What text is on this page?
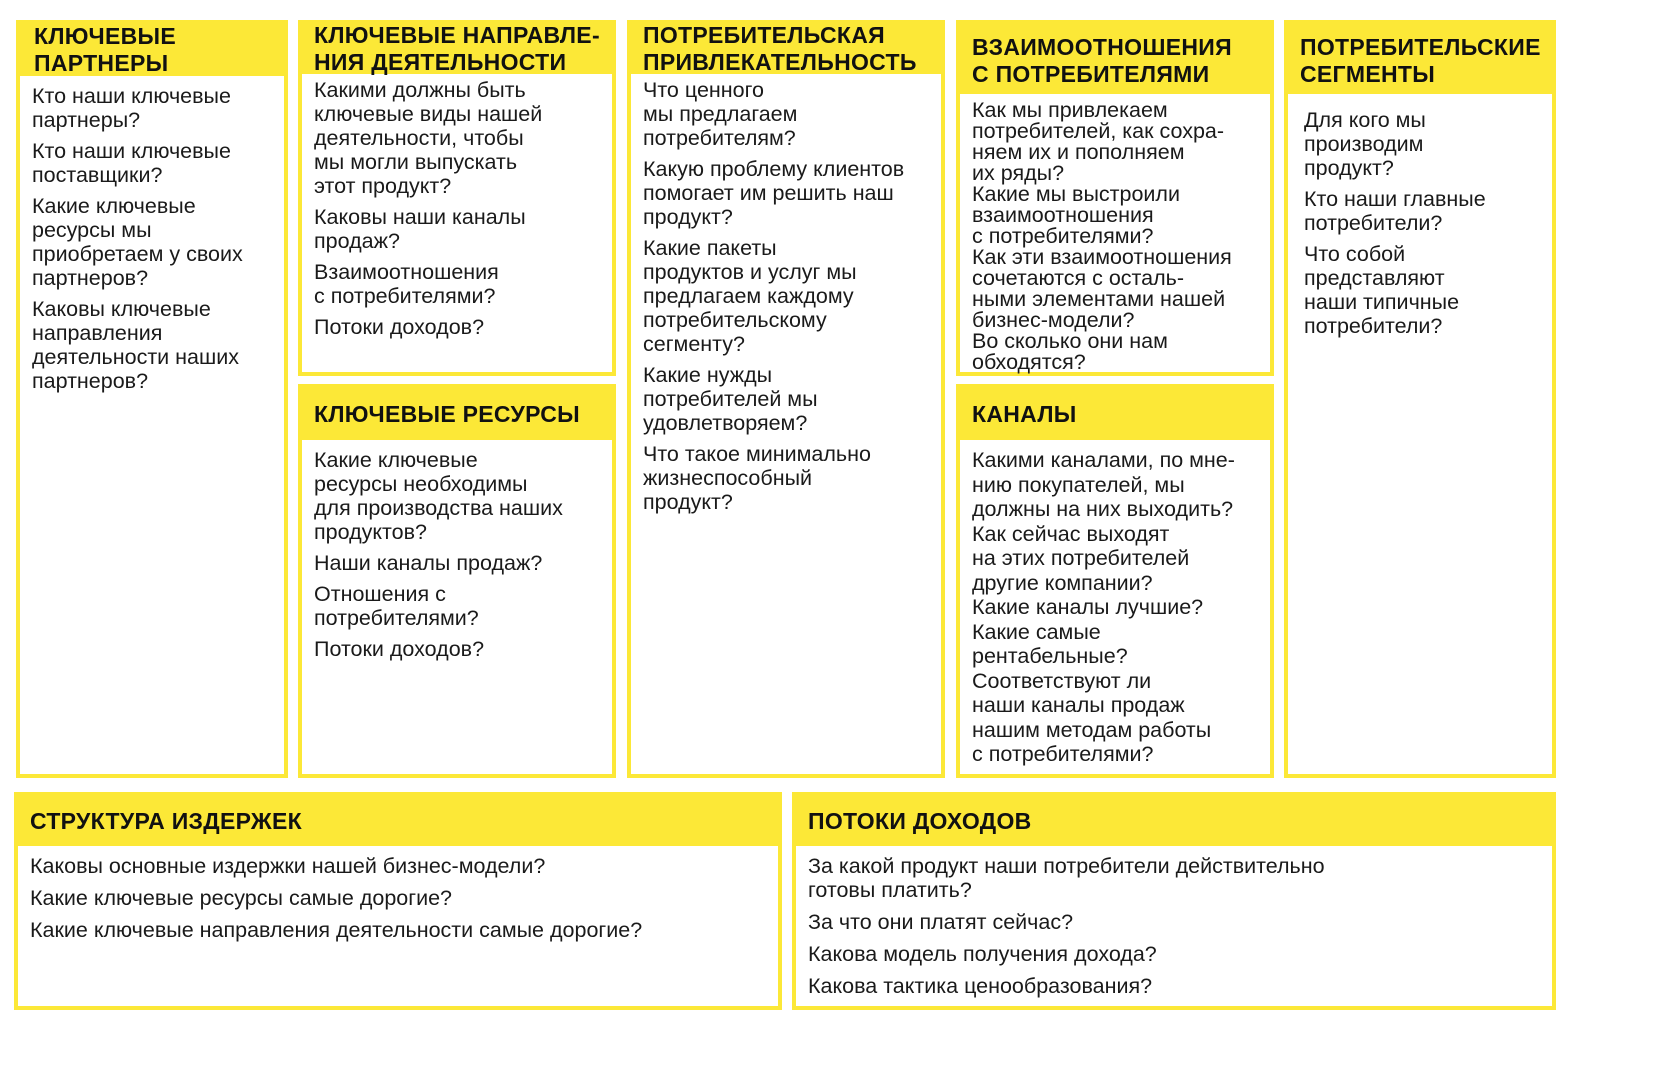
КЛЮЧЕВЫЕ
ПАРТНЕРЫ

Кто наши ключевые
партнеры?

Кто наши ключевые
поставщики?

Какие ключевые
ресурсы мы
приобретаем у своих
партнеров?

Каковы ключевые
направления
деятельности наших
партнеров?

КЛЮЧЕВЫЕ НАПРАВЛЕ-
НИЯ ДЕЯТЕЛЬНОСТИ

Какими должны быть
ключевые виды нашей
деятельности, чтобы
мы могли выпускать
этот продукт?

Каковы наши каналы
продаж?

Взаимоотношения
с потребителями?

Потоки доходов?

КЛЮЧЕВЫЕ РЕСУРСЫ

Какие ключевые
ресурсы необходимы
для производства наших
продуктов?

Наши каналы продаж?

Отношения с
потребителями?

Потоки доходов?

ПОТРЕБИТЕЛЬСКАЯ
ПРИВЛЕКАТЕЛЬНОСТЬ

Что ценного
мы предлагаем
потребителям?

Какую проблему клиентов
помогает им решить наш
продукт?

Какие пакеты
продуктов и услуг мы
предлагаем каждому
потребительскому
сегменту?

Какие нужды
потребителей мы
удовлетворяем?

Что такое минимально
жизнеспособный
продукт?

ВЗАИМООТНОШЕНИЯ
С ПОТРЕБИТЕЛЯМИ

Как мы привлекаем
потребителей, как сохра-
няем их и пополняем
их ряды?

Какие мы выстроили
взаимоотношения
с потребителями?

Как эти взаимоотношения
сочетаются с осталь-
ными элементами нашей
бизнес-модели?

Во сколько они нам
обходятся?

КАНАЛЫ

Какими каналами, по мне-
нию покупателей, мы
должны на них выходить?

Как сейчас выходят
на этих потребителей
другие компании?

Какие каналы лучшие?

Какие самые
рентабельные?

Соответствуют ли
наши каналы продаж
нашим методам работы
с потребителями?

ПОТРЕБИТЕЛЬСКИЕ
СЕГМЕНТЫ

Для кого мы
производим
продукт?

Кто наши главные
потребители?

Что собой
представляют
наши типичные
потребители?

СТРУКТУРА ИЗДЕРЖЕК

Каковы основные издержки нашей бизнес-модели?

Какие ключевые ресурсы самые дорогие?

Какие ключевые направления деятельности самые дорогие?

ПОТОКИ ДОХОДОВ

За какой продукт наши потребители действительно
готовы платить?

За что они платят сейчас?

Какова модель получения дохода?

Какова тактика ценообразования?
